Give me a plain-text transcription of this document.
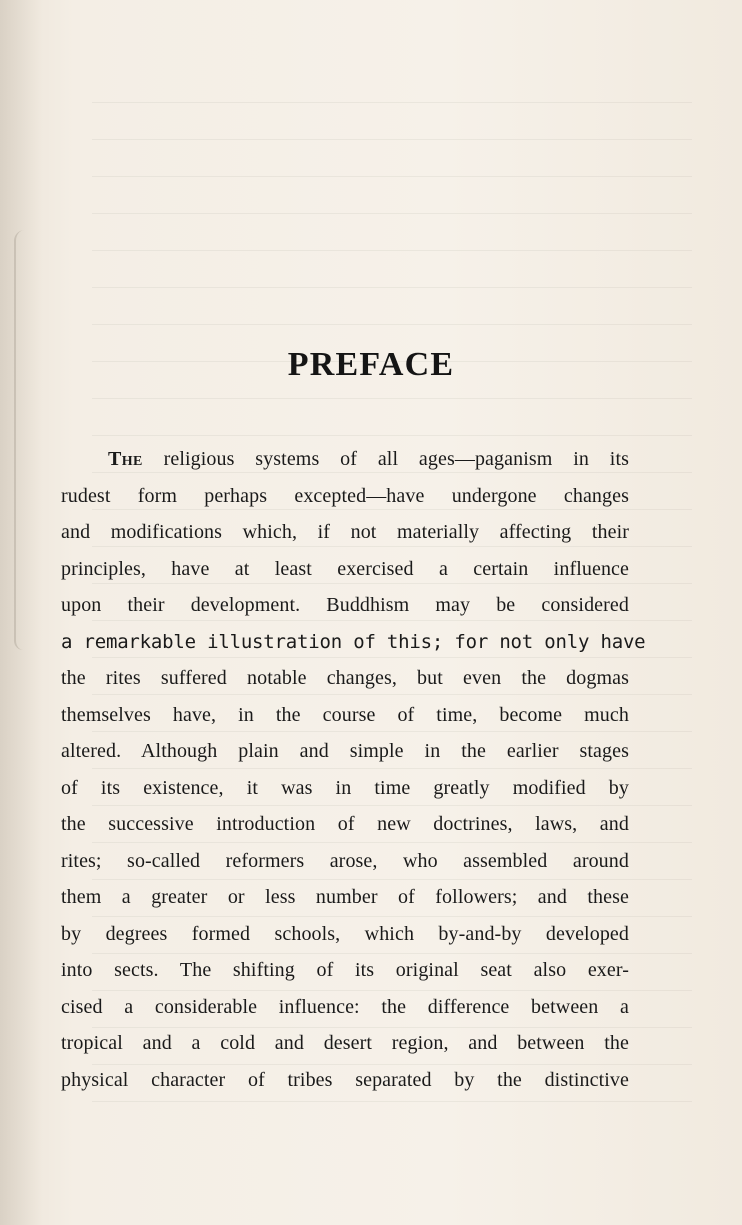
PREFACE
The religious systems of all ages—paganism in its
rudest form perhaps excepted—have undergone changes
and modifications which, if not materially affecting their
principles, have at least exercised a certain influence
upon their development. Buddhism may be considered
a remarkable illustration of this; for not only have
the rites suffered notable changes, but even the dogmas
themselves have, in the course of time, become much
altered. Although plain and simple in the earlier stages
of its existence, it was in time greatly modified by
the successive introduction of new doctrines, laws, and
rites; so-called reformers arose, who assembled around
them a greater or less number of followers; and these
by degrees formed schools, which by-and-by developed
into sects. The shifting of its original seat also exer-
cised a considerable influence: the difference between a
tropical and a cold and desert region, and between the
physical character of tribes separated by the distinctive
